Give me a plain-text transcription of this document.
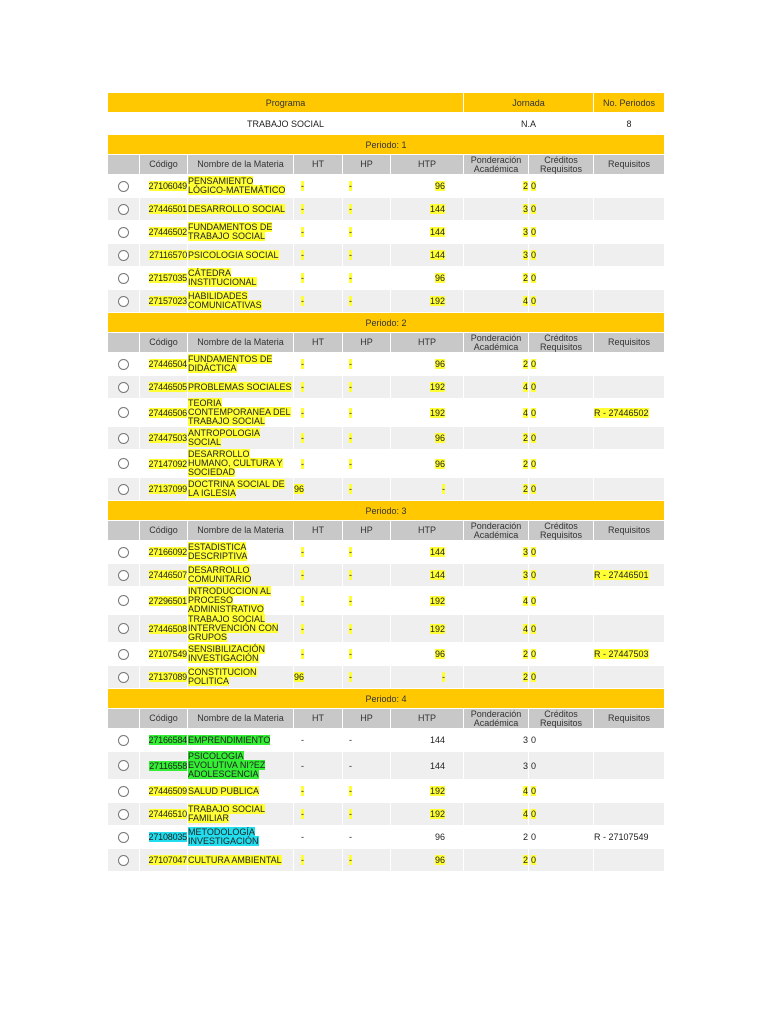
Programa						Jornada		No. Periodos
TRABAJO SOCIAL						N.A		8
Periodo: 1								
	Código	Nombre de la Materia	HT	HP	HTP	Ponderación Académica	Créditos Requisitos	Requisitos
	27106049	PENSAMIENTO LÓGICO-MATEMÁTICO	-	-	96	2	0	
	27446501	DESARROLLO SOCIAL	-	-	144	3	0	
	27446502	FUNDAMENTOS DE TRABAJO SOCIAL	-	-	144	3	0	
	27116570	PSICOLOGIA SOCIAL	-	-	144	3	0	
	27157035	CÁTEDRA INSTITUCIONAL	-	-	96	2	0	
	27157023	HABILIDADES COMUNICATIVAS	-	-	192	4	0	
Periodo: 2								
	Código	Nombre de la Materia	HT	HP	HTP	Ponderación Académica	Créditos Requisitos	Requisitos
	27446504	FUNDAMENTOS DE DIDÁCTICA	-	-	96	2	0	
	27446505	PROBLEMAS SOCIALES	-	-	192	4	0	
	27446506	TEORIA CONTEMPORANEA DEL TRABAJO SOCIAL	-	-	192	4	0	R - 27446502
	27447503	ANTROPOLOGIA SOCIAL	-	-	96	2	0	
	27147092	DESARROLLO HUMANO, CULTURA Y SOCIEDAD	-	-	96	2	0	
	27137099	DOCTRINA SOCIAL DE LA IGLESIA	96	-	-	2	0	
Periodo: 3								
	Código	Nombre de la Materia	HT	HP	HTP	Ponderación Académica	Créditos Requisitos	Requisitos
	27166092	ESTADISTICA DESCRIPTIVA	-	-	144	3	0	
	27446507	DESARROLLO COMUNITARIO	-	-	144	3	0	R - 27446501
	27296501	INTRODUCCION AL PROCESO ADMINISTRATIVO	-	-	192	4	0	
	27446508	TRABAJO SOCIAL INTERVENCIÓN CON GRUPOS	-	-	192	4	0	
	27107549	SENSIBILIZACIÓN INVESTIGACIÓN	-	-	96	2	0	R - 27447503
	27137089	CONSTITUCION POLITICA	96	-	-	2	0	
Periodo: 4								
	Código	Nombre de la Materia	HT	HP	HTP	Ponderación Académica	Créditos Requisitos	Requisitos
	27166584	EMPRENDIMIENTO	-	-	144	3	0	
	27116558	PSICOLOGIA EVOLUTIVA NI?EZ ADOLESCENCIA	-	-	144	3	0	
	27446509	SALUD PUBLICA	-	-	192	4	0	
	27446510	TRABAJO SOCIAL FAMILIAR	-	-	192	4	0	
	27108035	METODOLOGÍA INVESTIGACIÓN	-	-	96	2	0	R - 27107549
	27107047	CULTURA AMBIENTAL	-	-	96	2	0	
